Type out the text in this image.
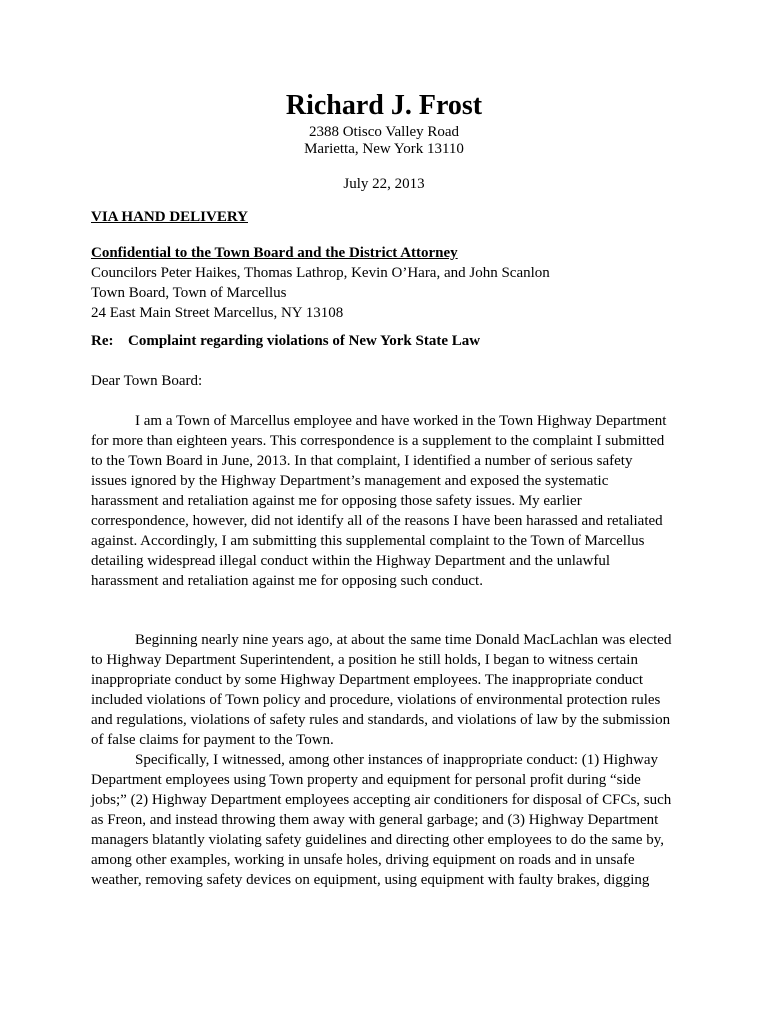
Richard J. Frost
2388 Otisco Valley Road
Marietta, New York 13110
July 22, 2013
VIA HAND DELIVERY
Confidential to the Town Board and the District Attorney
Councilors Peter Haikes, Thomas Lathrop, Kevin O’Hara, and John Scanlon
Town Board, Town of Marcellus
24 East Main Street Marcellus, NY 13108
Re: Complaint regarding violations of New York State Law
Dear Town Board:
I am a Town of Marcellus employee and have worked in the Town Highway Department
for more than eighteen years. This correspondence is a supplement to the complaint I submitted
to the Town Board in June, 2013. In that complaint, I identified a number of serious safety
issues ignored by the Highway Department’s management and exposed the systematic
harassment and retaliation against me for opposing those safety issues. My earlier
correspondence, however, did not identify all of the reasons I have been harassed and retaliated
against. Accordingly, I am submitting this supplemental complaint to the Town of Marcellus
detailing widespread illegal conduct within the Highway Department and the unlawful
harassment and retaliation against me for opposing such conduct.
Beginning nearly nine years ago, at about the same time Donald MacLachlan was elected
to Highway Department Superintendent, a position he still holds, I began to witness certain
inappropriate conduct by some Highway Department employees. The inappropriate conduct
included violations of Town policy and procedure, violations of environmental protection rules
and regulations, violations of safety rules and standards, and violations of law by the submission
of false claims for payment to the Town.
Specifically, I witnessed, among other instances of inappropriate conduct: (1) Highway
Department employees using Town property and equipment for personal profit during “side
jobs;” (2) Highway Department employees accepting air conditioners for disposal of CFCs, such
as Freon, and instead throwing them away with general garbage; and (3) Highway Department
managers blatantly violating safety guidelines and directing other employees to do the same by,
among other examples, working in unsafe holes, driving equipment on roads and in unsafe
weather, removing safety devices on equipment, using equipment with faulty brakes, digging
